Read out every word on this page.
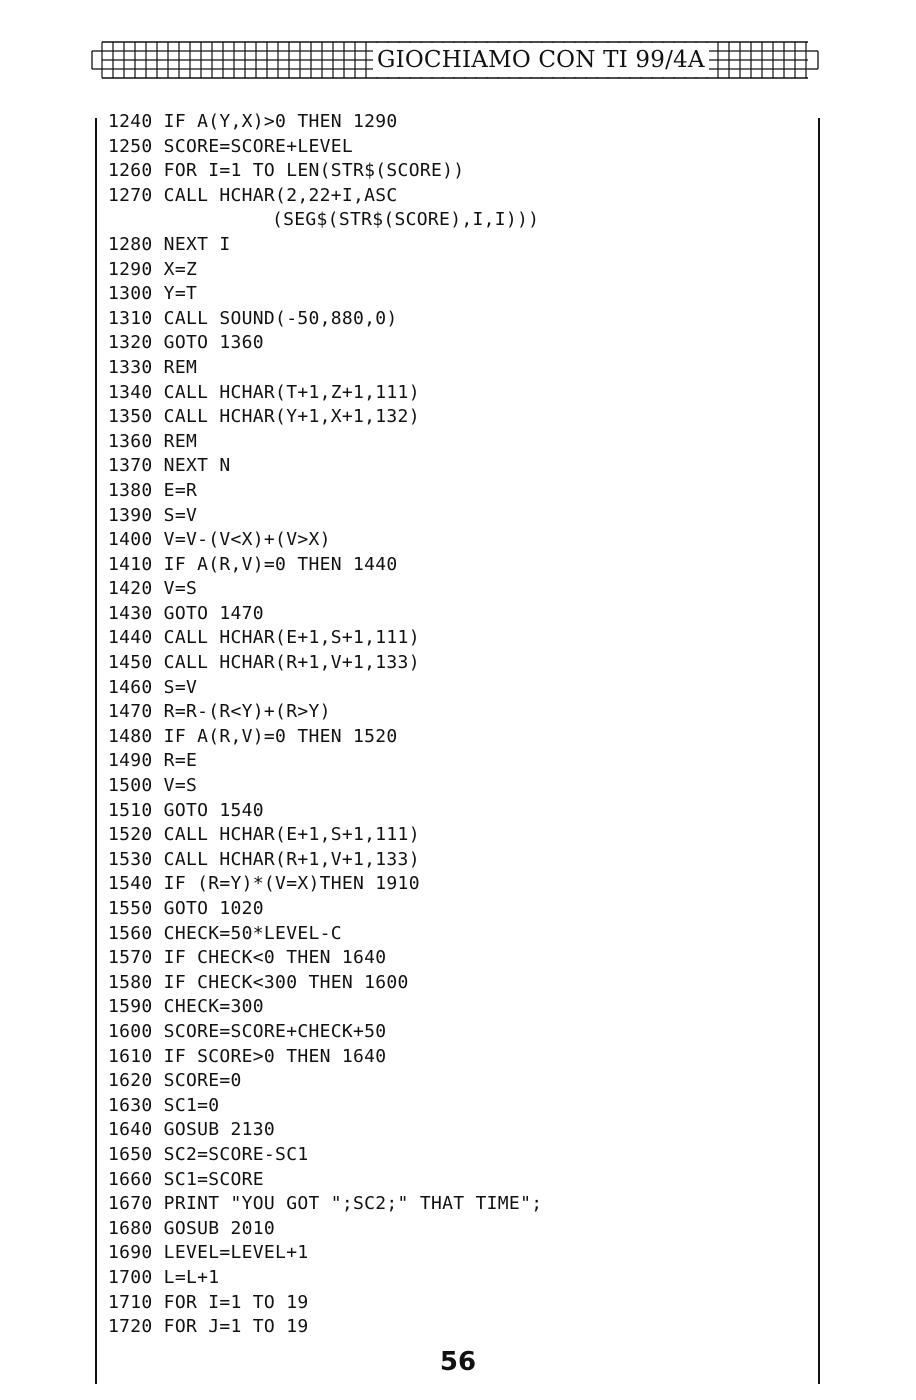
GIOCHIAMO CON TI 99/4A
1240 IF A(Y,X)>0 THEN 1290
1250 SCORE=SCORE+LEVEL
1260 FOR I=1 TO LEN(STR$(SCORE))
1270 CALL HCHAR(2,22+I,ASC
(SEG$(STR$(SCORE),I,I)))
1280 NEXT I
1290 X=Z
1300 Y=T
1310 CALL SOUND(-50,880,0)
1320 GOTO 1360
1330 REM
1340 CALL HCHAR(T+1,Z+1,111)
1350 CALL HCHAR(Y+1,X+1,132)
1360 REM
1370 NEXT N
1380 E=R
1390 S=V
1400 V=V-(V<X)+(V>X)
1410 IF A(R,V)=0 THEN 1440
1420 V=S
1430 GOTO 1470
1440 CALL HCHAR(E+1,S+1,111)
1450 CALL HCHAR(R+1,V+1,133)
1460 S=V
1470 R=R-(R<Y)+(R>Y)
1480 IF A(R,V)=0 THEN 1520
1490 R=E
1500 V=S
1510 GOTO 1540
1520 CALL HCHAR(E+1,S+1,111)
1530 CALL HCHAR(R+1,V+1,133)
1540 IF (R=Y)*(V=X)THEN 1910
1550 GOTO 1020
1560 CHECK=50*LEVEL-C
1570 IF CHECK<0 THEN 1640
1580 IF CHECK<300 THEN 1600
1590 CHECK=300
1600 SCORE=SCORE+CHECK+50
1610 IF SCORE>0 THEN 1640
1620 SCORE=0
1630 SC1=0
1640 GOSUB 2130
1650 SC2=SCORE-SC1
1660 SC1=SCORE
1670 PRINT "YOU GOT ";SC2;" THAT TIME";
1680 GOSUB 2010
1690 LEVEL=LEVEL+1
1700 L=L+1
1710 FOR I=1 TO 19
1720 FOR J=1 TO 19
56
